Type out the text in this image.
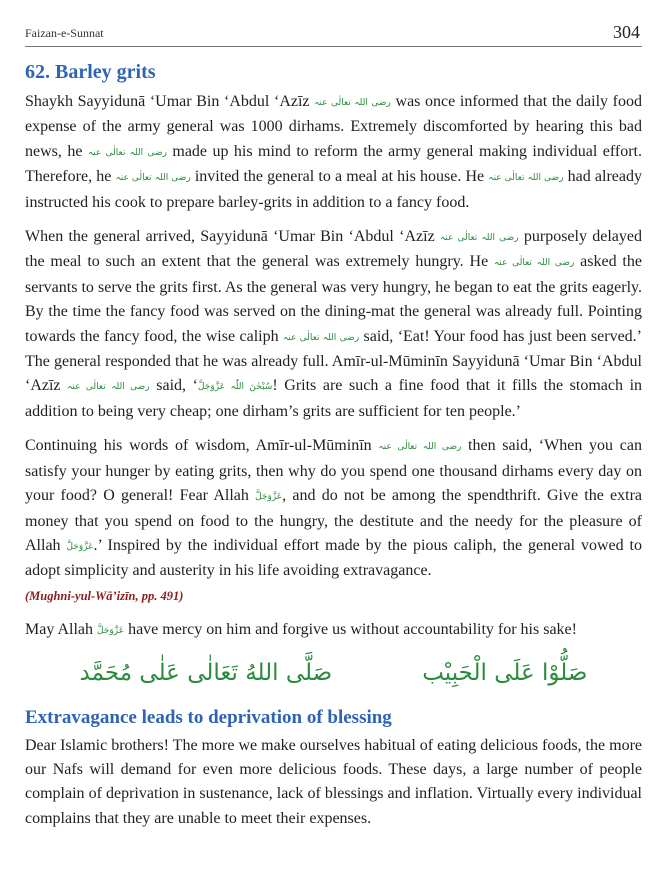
Faizan-e-Sunnat	304
62. Barley grits

Shaykh Sayyidunā ‘Umar Bin ‘Abdul ‘Azīz رضی اللہ تعالٰی عنہ was once informed that the daily food expense of the army general was 1000 dirhams. Extremely discomforted by hearing this bad news, he رضی اللہ تعالٰی عنہ made up his mind to reform the army general making individual effort. Therefore, he رضی اللہ تعالٰی عنہ invited the general to a meal at his house. He رضی اللہ تعالٰی عنہ had already instructed his cook to prepare barley-grits in addition to a fancy food.

When the general arrived, Sayyidunā ‘Umar Bin ‘Abdul ‘Azīz رضی اللہ تعالٰی عنہ purposely delayed the meal to such an extent that the general was extremely hungry. He رضی اللہ تعالٰی عنہ asked the servants to serve the grits first. As the general was very hungry, he began to eat the grits eagerly. By the time the fancy food was served on the dining-mat the general was already full. Pointing towards the fancy food, the wise caliph رضی اللہ تعالٰی عنہ said, ‘Eat! Your food has just been served.’ The general responded that he was already full. Amīr-ul-Mūminīn Sayyidunā ‘Umar Bin ‘Abdul ‘Azīz رضی اللہ تعالٰی عنہ said, ‘سُبْحٰنَ اللّٰہ عَزَّوَجَلَّ! Grits are such a fine food that it fills the stomach in addition to being very cheap; one dirham’s grits are sufficient for ten people.’

Continuing his words of wisdom, Amīr-ul-Mūminīn رضی اللہ تعالٰی عنہ then said, ‘When you can satisfy your hunger by eating grits, then why do you spend one thousand dirhams every day on your food? O general! Fear Allah عَزَّوَجَلَّ, and do not be among the spendthrift. Give the extra money that you spend on food to the hungry, the destitute and the needy for the pleasure of Allah عَزَّوَجَلَّ.’ Inspired by the individual effort made by the pious caliph, the general vowed to adopt simplicity and austerity in his life avoiding extravagance.
(Mughni-yul-Wā’izīn, pp. 491)

May Allah عَزَّوَجَلَّ have mercy on him and forgive us without accountability for his sake!

صَلُّوْا عَلَى الْحَبِيْب
صَلَّى اللهُ تَعَالٰى عَلٰى مُحَمَّد
Extravagance leads to deprivation of blessing

Dear Islamic brothers! The more we make ourselves habitual of eating delicious foods, the more our Nafs will demand for even more delicious foods. These days, a large number of people complain of deprivation in sustenance, lack of blessings and inflation. Virtually every individual complains that they are unable to meet their expenses.
